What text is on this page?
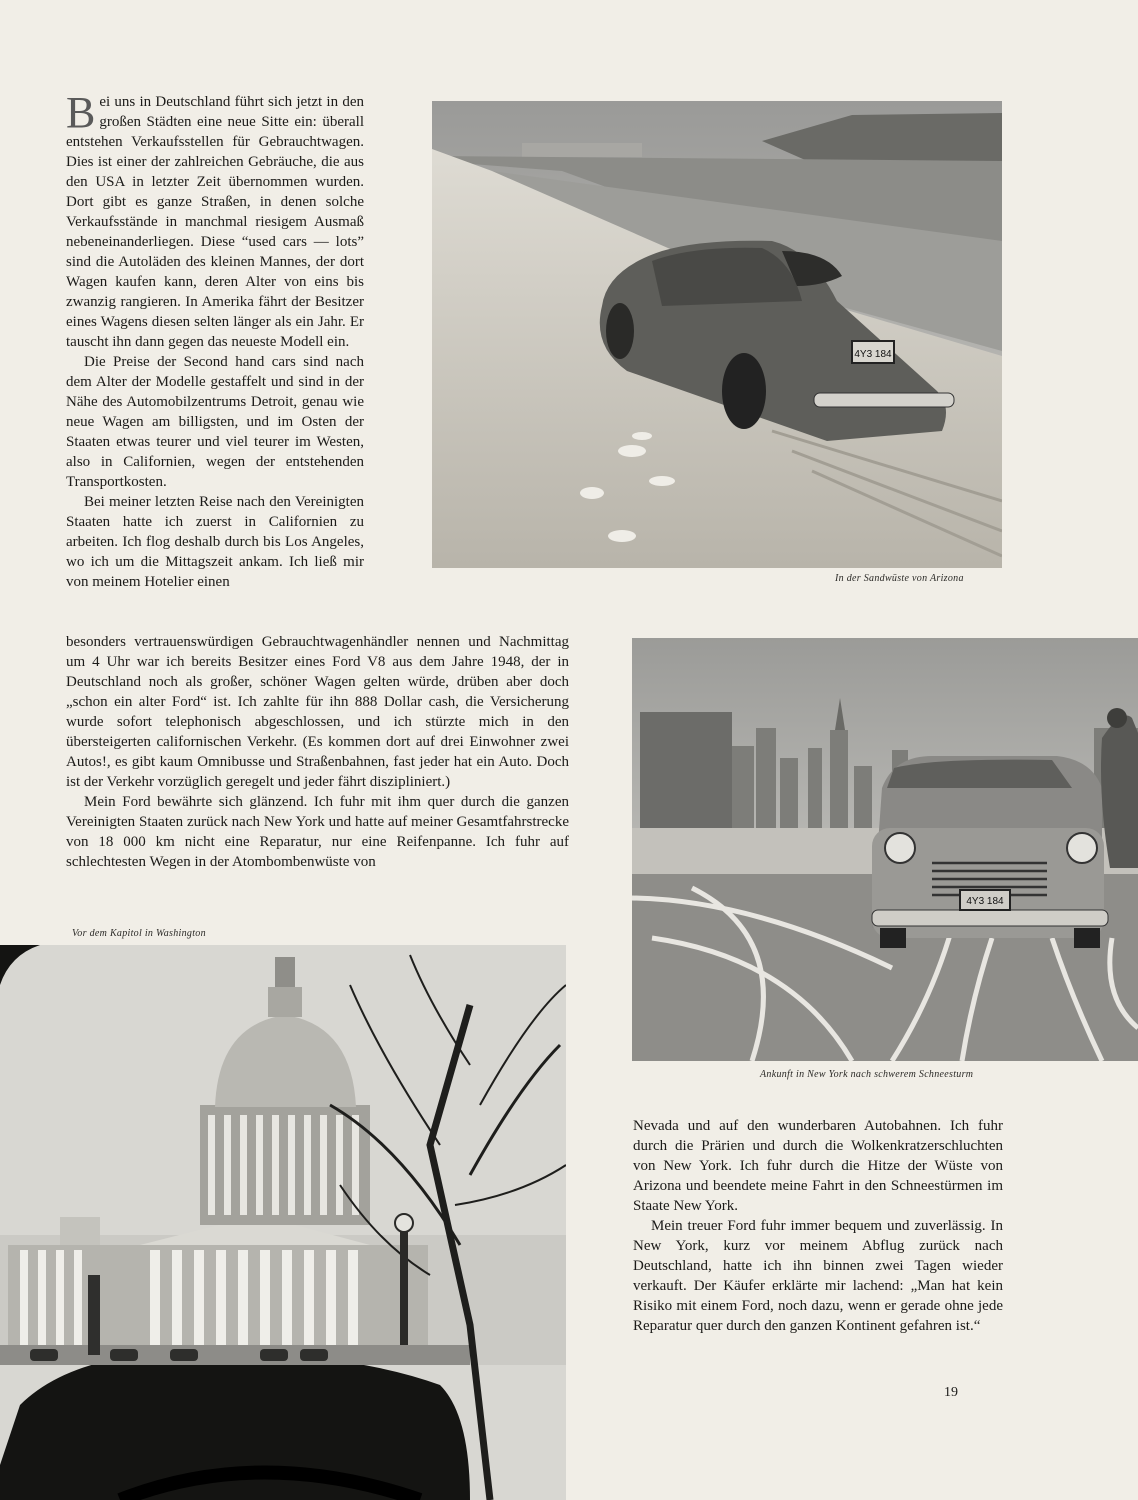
Bei uns in Deutschland führt sich jetzt in den großen Städten eine neue Sitte ein: überall entstehen Verkaufsstellen für Gebrauchtwagen. Dies ist einer der zahlreichen Gebräuche, die aus den USA in letzter Zeit übernommen wurden. Dort gibt es ganze Straßen, in denen solche Verkaufsstände in manchmal riesigem Ausmaß nebeneinanderliegen. Diese “used cars — lots” sind die Autoläden des kleinen Mannes, der dort Wagen kaufen kann, deren Alter von eins bis zwanzig rangieren. In Amerika fährt der Besitzer eines Wagens diesen selten länger als ein Jahr. Er tauscht ihn dann gegen das neueste Modell ein.

Die Preise der Second hand cars sind nach dem Alter der Modelle gestaffelt und sind in der Nähe des Automobilzentrums Detroit, genau wie neue Wagen am billigsten, und im Osten der Staaten etwas teurer und viel teurer im Westen, also in Californien, wegen der entstehenden Transportkosten.

Bei meiner letzten Reise nach den Vereinigten Staaten hatte ich zuerst in Californien zu arbeiten. Ich flog deshalb durch bis Los Angeles, wo ich um die Mittagszeit ankam. Ich ließ mir von meinem Hotelier einen

besonders vertrauenswürdigen Gebrauchtwagenhändler nennen und Nachmittag um 4 Uhr war ich bereits Besitzer eines Ford V8 aus dem Jahre 1948, der in Deutschland noch als großer, schöner Wagen gelten würde, drüben aber doch „schon ein alter Ford“ ist. Ich zahlte für ihn 888 Dollar cash, die Versicherung wurde sofort telephonisch abgeschlossen, und ich stürzte mich in den übersteigerten californischen Verkehr. (Es kommen dort auf drei Einwohner zwei Autos!, es gibt kaum Omnibusse und Straßenbahnen, fast jeder hat ein Auto. Doch ist der Verkehr vorzüglich geregelt und jeder fährt diszipliniert.)

Mein Ford bewährte sich glänzend. Ich fuhr mit ihm quer durch die ganzen Vereinigten Staaten zurück nach New York und hatte auf meiner Gesamtfahrstrecke von 18 000 km nicht eine Reparatur, nur eine Reifenpanne. Ich fuhr auf schlechtesten Wegen in der Atombombenwüste von

Nevada und auf den wunderbaren Autobahnen. Ich fuhr durch die Prärien und durch die Wolkenkratzerschluchten von New York. Ich fuhr durch die Hitze der Wüste von Arizona und beendete meine Fahrt in den Schneestürmen im Staate New York.

Mein treuer Ford fuhr immer bequem und zuverlässig. In New York, kurz vor meinem Abflug zurück nach Deutschland, hatte ich ihn binnen zwei Tagen wieder verkauft. Der Käufer erklärte mir lachend: „Man hat kein Risiko mit einem Ford, noch dazu, wenn er gerade ohne jede Reparatur quer durch den ganzen Kontinent gefahren ist.“

4Y3 184
In der Sandwüste von Arizona
4Y3 184
Ankunft in New York nach schwerem Schneesturm
Vor dem Kapitol in Washington
19
